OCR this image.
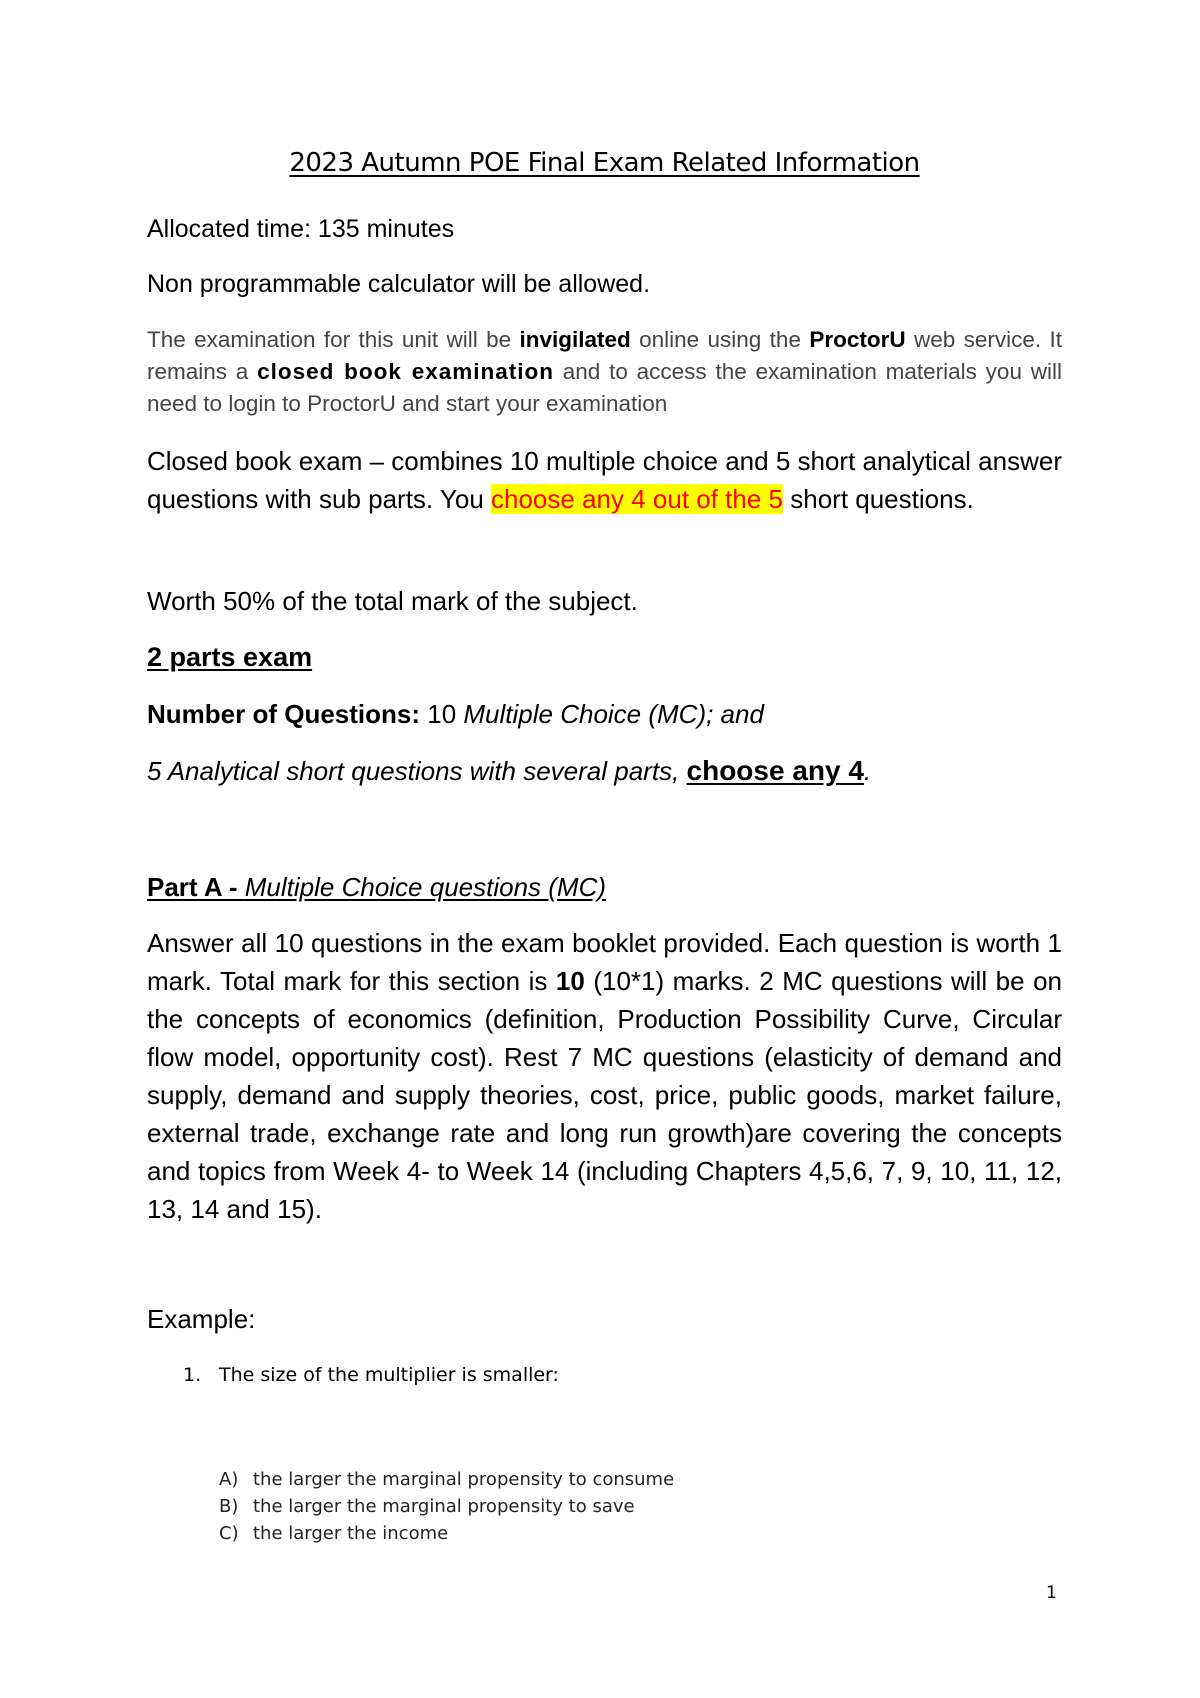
2023 Autumn POE Final Exam Related Information
Allocated time: 135 minutes
Non programmable calculator will be allowed.
The examination for this unit will be invigilated online using the ProctorU web service. It remains a closed book examination and to access the examination materials you will need to login to ProctorU and start your examination
Closed book exam – combines 10 multiple choice and 5 short analytical answer questions with sub parts. You choose any 4 out of the 5 short questions.
Worth 50% of the total mark of the subject.
2 parts exam
Number of Questions: 10 Multiple Choice (MC); and
5 Analytical short questions with several parts, choose any 4.
Part A - Multiple Choice questions (MC)
Answer all 10 questions in the exam booklet provided. Each question is worth 1 mark. Total mark for this section is 10 (10*1) marks. 2 MC questions will be on the concepts of economics (definition, Production Possibility Curve, Circular flow model, opportunity cost). Rest 7 MC questions (elasticity of demand and supply, demand and supply theories, cost, price, public goods, market failure, external trade, exchange rate and long run growth)are covering the concepts and topics from Week 4- to Week 14 (including Chapters 4,5,6, 7, 9, 10, 11, 12, 13, 14 and 15).
Example:
1. The size of the multiplier is smaller:
A) the larger the marginal propensity to consume
B) the larger the marginal propensity to save
C) the larger the income
1
